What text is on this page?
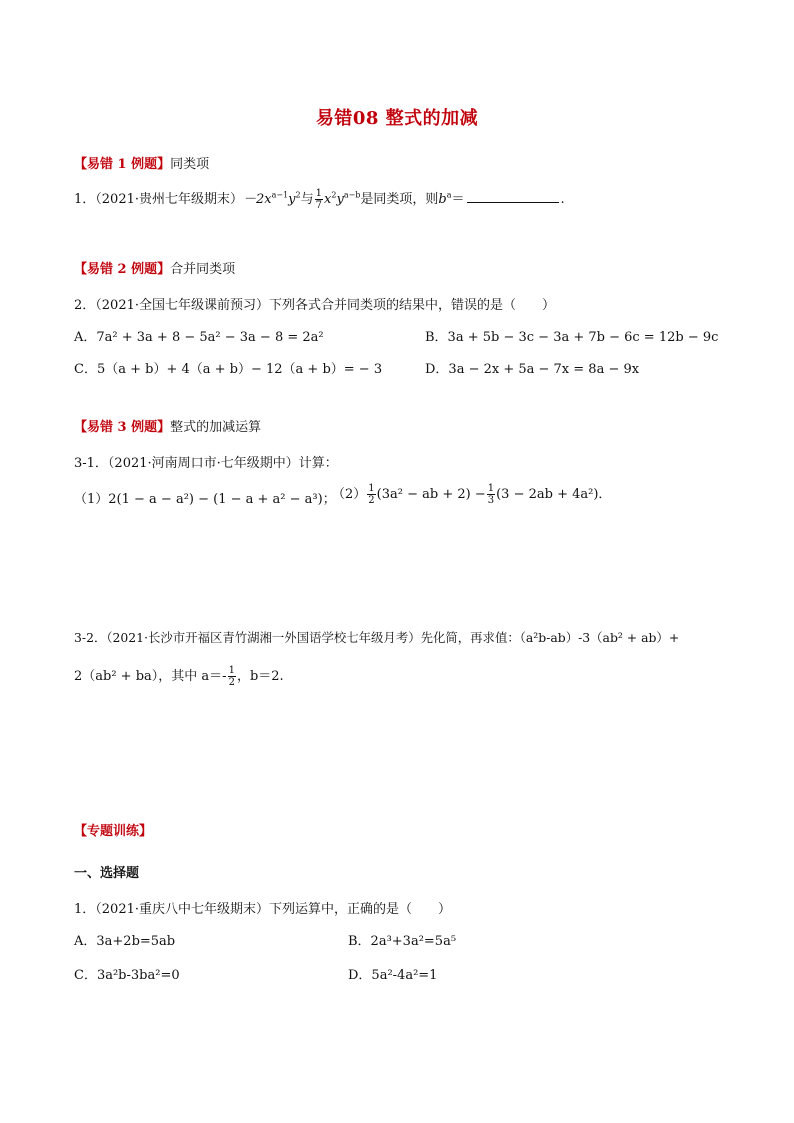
易错08 整式的加减
【易错 1 例题】同类项
1．（2021·贵州七年级期末）$-2x^{a-1}y^2$与 $\frac{1}{7} x^2y^{a-b}$是同类项，则$b^a=$	.
【易错 2 例题】合并同类项
2．（2021·全国七年级课前预习）下列各式合并同类项的结果中，错误的是（　　）
A．7a² + 3a + 8 − 5a² − 3a − 8 = 2a²	B．3a + 5b − 3c − 3a + 7b − 6c = 12b − 9c
C．5（a + b）+ 4（a + b）− 12（a + b）= − 3	D．3a − 2x + 5a − 7x = 8a − 9x
【易错 3 例题】整式的加减运算
3-1．（2021·河南周口市·七年级期中）计算：
（1）2(1 − a − a²) − (1 − a + a² − a³)；
$(2) \frac{1}{2} (3a^2$ − ab + $2) - \frac{1}{3} (3 - 2ab + 4a^2)$．
3-2．（2021·长沙市开福区青竹湖湘一外国语学校七年级月考）先化简，再求值：（a²b-ab）-3（ab² + ab）+
2（ab² + ba），其中 $a=- \frac{1}{2}$ ，b＝2.
【专题训练】
一、选择题
1．（2021·重庆八中七年级期末）下列运算中，正确的是（　　）
A．3a+2b=5ab	B．2a³+3a²=5a⁵
C．3a²b-3ba²=0	D．5a²-4a²=1
